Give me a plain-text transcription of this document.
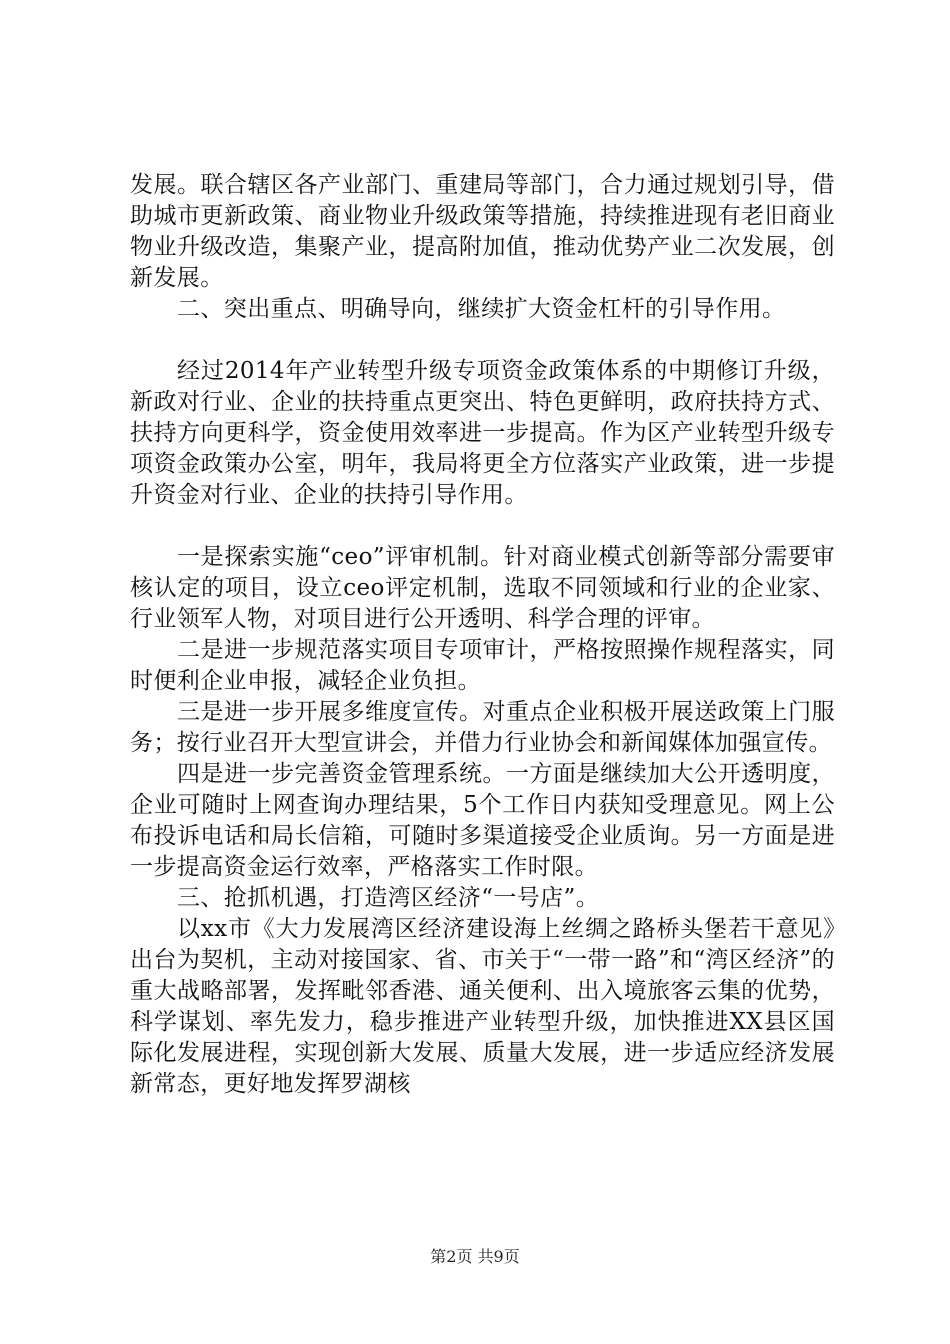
发展。联合辖区各产业部门、重建局等部门，合力通过规划引导，借助城市更新政策、商业物业升级政策等措施，持续推进现有老旧商业物业升级改造，集聚产业，提高附加值，推动优势产业二次发展，创新发展。

二、突出重点、明确导向，继续扩大资金杠杆的引导作用。

经过2014年产业转型升级专项资金政策体系的中期修订升级，新政对行业、企业的扶持重点更突出、特色更鲜明，政府扶持方式、扶持方向更科学，资金使用效率进一步提高。作为区产业转型升级专项资金政策办公室，明年，我局将更全方位落实产业政策，进一步提升资金对行业、企业的扶持引导作用。

一是探索实施“ceo”评审机制。针对商业模式创新等部分需要审核认定的项目，设立ceo评定机制，选取不同领域和行业的企业家、行业领军人物，对项目进行公开透明、科学合理的评审。

二是进一步规范落实项目专项审计，严格按照操作规程落实，同时便利企业申报，减轻企业负担。

三是进一步开展多维度宣传。对重点企业积极开展送政策上门服务；按行业召开大型宣讲会，并借力行业协会和新闻媒体加强宣传。

四是进一步完善资金管理系统。一方面是继续加大公开透明度，企业可随时上网查询办理结果，5个工作日内获知受理意见。网上公布投诉电话和局长信箱，可随时多渠道接受企业质询。另一方面是进一步提高资金运行效率，严格落实工作时限。

三、抢抓机遇，打造湾区经济“一号店”。

以xx市《大力发展湾区经济建设海上丝绸之路桥头堡若干意见》出台为契机，主动对接国家、省、市关于“一带一路”和“湾区经济”的重大战略部署，发挥毗邻香港、通关便利、出入境旅客云集的优势，科学谋划、率先发力，稳步推进产业转型升级，加快推进XX县区国际化发展进程，实现创新大发展、质量大发展，进一步适应经济发展新常态，更好地发挥罗湖核

第2页 共9页
